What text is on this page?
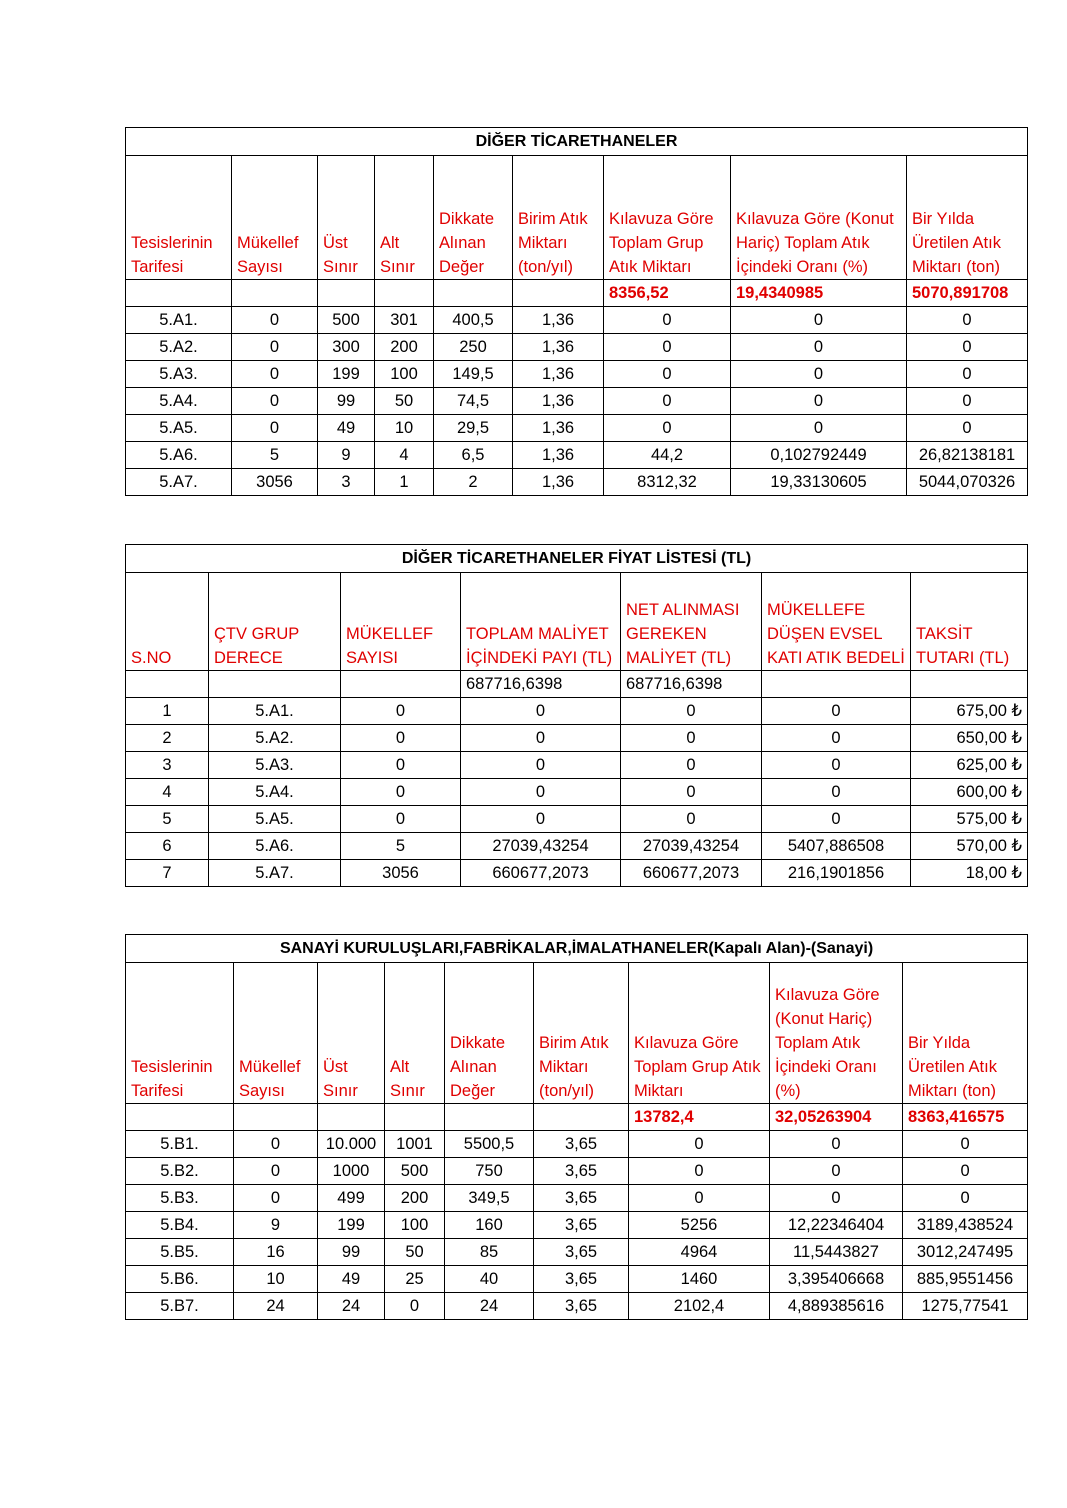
DİĞER TİCARETHANELER								
Tesislerinin Tarifesi	Mükellef Sayısı	Üst Sınır	Alt Sınır	Dikkate Alınan Değer	Birim Atık Miktarı (ton/yıl)	Kılavuza Göre Toplam Grup Atık Miktarı	Kılavuza Göre (Konut Hariç) Toplam Atık İçindeki Oranı (%)	Bir Yılda Üretilen Atık Miktarı (ton)
						8356,52	19,4340985	5070,891708
5.A1.	0	500	301	400,5	1,36	0	0	0
5.A2.	0	300	200	250	1,36	0	0	0
5.A3.	0	199	100	149,5	1,36	0	0	0
5.A4.	0	99	50	74,5	1,36	0	0	0
5.A5.	0	49	10	29,5	1,36	0	0	0
5.A6.	5	9	4	6,5	1,36	44,2	0,102792449	26,82138181
5.A7.	3056	3	1	2	1,36	8312,32	19,33130605	5044,070326
DİĞER TİCARETHANELER FİYAT LİSTESİ (TL)						
S.NO	ÇTV GRUP DERECE	MÜKELLEF SAYISI	TOPLAM MALİYET İÇİNDEKİ PAYI (TL)	NET ALINMASI GEREKEN MALİYET (TL)	MÜKELLEFE DÜŞEN EVSEL KATI ATIK BEDELİ	TAKSİT TUTARI (TL)
			687716,6398	687716,6398		
1	5.A1.	0	0	0	0	675,00 ₺
2	5.A2.	0	0	0	0	650,00 ₺
3	5.A3.	0	0	0	0	625,00 ₺
4	5.A4.	0	0	0	0	600,00 ₺
5	5.A5.	0	0	0	0	575,00 ₺
6	5.A6.	5	27039,43254	27039,43254	5407,886508	570,00 ₺
7	5.A7.	3056	660677,2073	660677,2073	216,1901856	18,00 ₺
SANAYİ KURULUŞLARI,FABRİKALAR,İMALATHANELER(Kapalı Alan)-(Sanayi)								
Tesislerinin Tarifesi	Mükellef Sayısı	Üst Sınır	Alt Sınır	Dikkate Alınan Değer	Birim Atık Miktarı (ton/yıl)	Kılavuza Göre Toplam Grup Atık Miktarı	Kılavuza Göre (Konut Hariç) Toplam Atık İçindeki Oranı (%)	Bir Yılda Üretilen Atık Miktarı (ton)
						13782,4	32,05263904	8363,416575
5.B1.	0	10.000	1001	5500,5	3,65	0	0	0
5.B2.	0	1000	500	750	3,65	0	0	0
5.B3.	0	499	200	349,5	3,65	0	0	0
5.B4.	9	199	100	160	3,65	5256	12,22346404	3189,438524
5.B5.	16	99	50	85	3,65	4964	11,5443827	3012,247495
5.B6.	10	49	25	40	3,65	1460	3,395406668	885,9551456
5.B7.	24	24	0	24	3,65	2102,4	4,889385616	1275,77541
